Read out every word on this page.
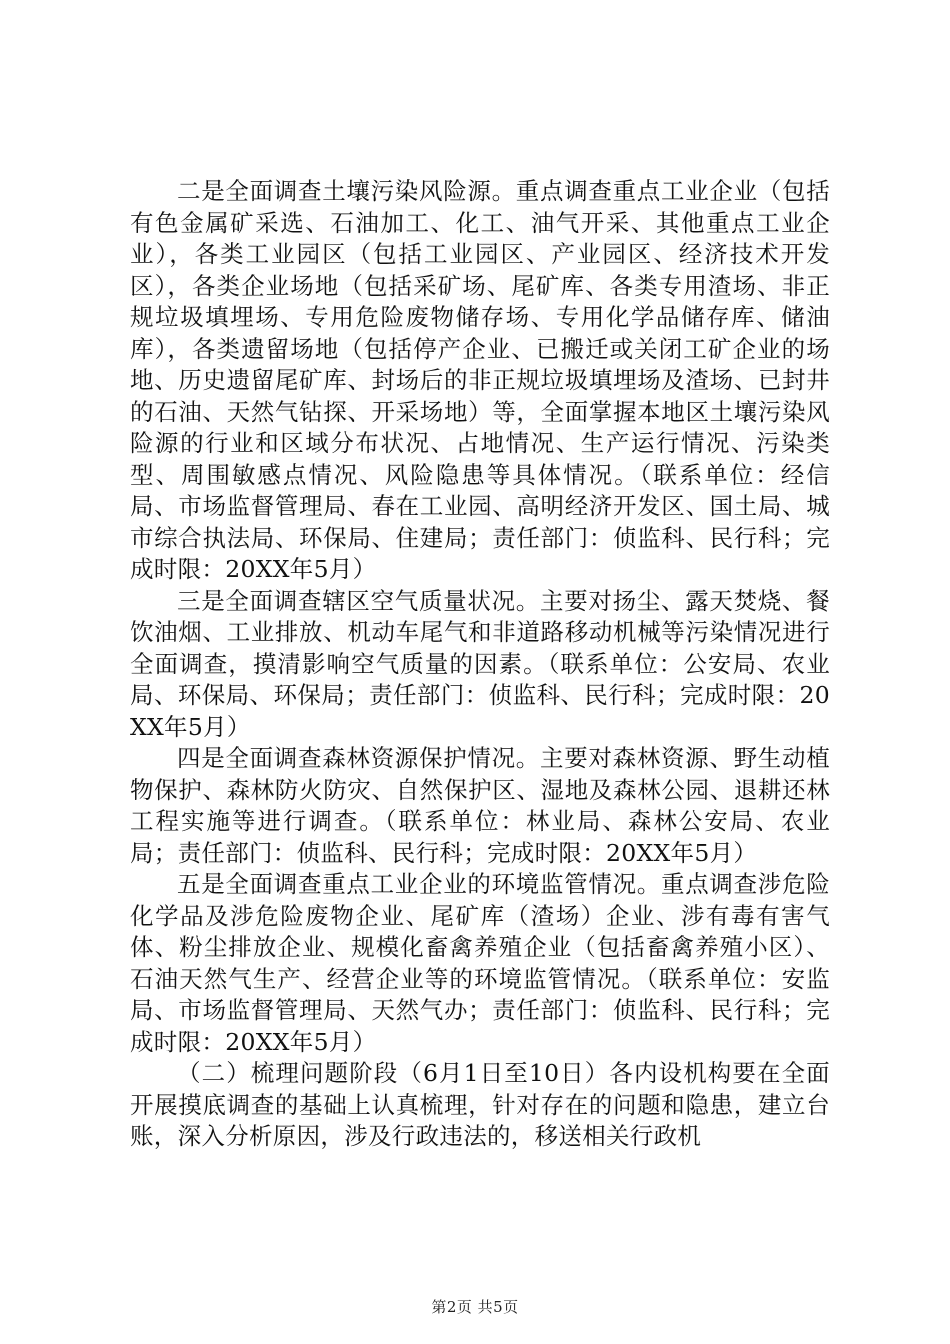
二是全面调查土壤污染风险源。重点调查重点工业企业（包括有色金属矿采选、石油加工、化工、油气开采、其他重点工业企业），各类工业园区（包括工业园区、产业园区、经济技术开发区），各类企业场地（包括采矿场、尾矿库、各类专用渣场、非正规垃圾填埋场、专用危险废物储存场、专用化学品储存库、储油库），各类遗留场地（包括停产企业、已搬迁或关闭工矿企业的场地、历史遗留尾矿库、封场后的非正规垃圾填埋场及渣场、已封井的石油、天然气钻探、开采场地）等，全面掌握本地区土壤污染风险源的行业和区域分布状况、占地情况、生产运行情况、污染类型、周围敏感点情况、风险隐患等具体情况。（联系单位：经信局、市场监督管理局、春在工业园、高明经济开发区、国土局、城市综合执法局、环保局、住建局；责任部门：侦监科、民行科；完成时限：20XX年5月）

三是全面调查辖区空气质量状况。主要对扬尘、露天焚烧、餐饮油烟、工业排放、机动车尾气和非道路移动机械等污染情况进行全面调查，摸清影响空气质量的因素。（联系单位：公安局、农业局、环保局、环保局；责任部门：侦监科、民行科；完成时限：20XX年5月）

四是全面调查森林资源保护情况。主要对森林资源、野生动植物保护、森林防火防灾、自然保护区、湿地及森林公园、退耕还林工程实施等进行调查。（联系单位：林业局、森林公安局、农业局；责任部门：侦监科、民行科；完成时限：20XX年5月）

五是全面调查重点工业企业的环境监管情况。重点调查涉危险化学品及涉危险废物企业、尾矿库（渣场）企业、涉有毒有害气体、粉尘排放企业、规模化畜禽养殖企业（包括畜禽养殖小区）、石油天然气生产、经营企业等的环境监管情况。（联系单位：安监局、市场监督管理局、天然气办；责任部门：侦监科、民行科；完成时限：20XX年5月）

（二）梳理问题阶段（6月1日至10日）各内设机构要在全面开展摸底调查的基础上认真梳理，针对存在的问题和隐患，建立台账，深入分析原因，涉及行政违法的，移送相关行政机

第2页 共5页
